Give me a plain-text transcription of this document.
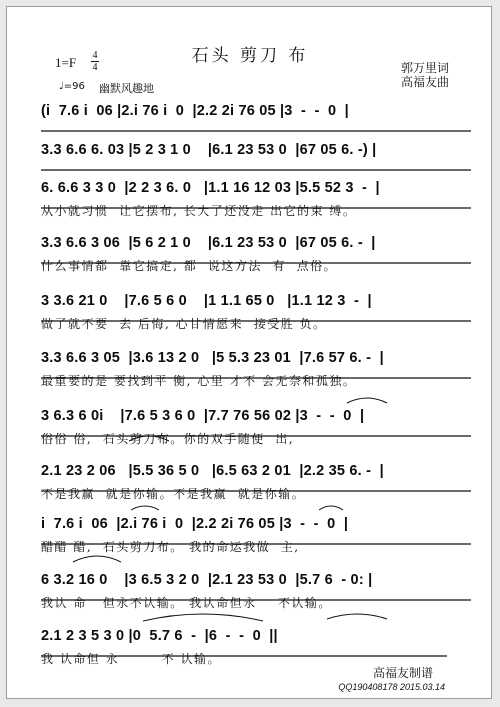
石头 剪刀 布
1=F 4
4
♩=96 幽默风趣地
郭万里词
高福友曲
(i  7.6 i  06 |2.i 76 i  0  |2.2 2i 76 05 |3  -  -  0  |
3.3 6.6 6. 03 |5 2 3 1 0    |6.1 23 53 0  |67 05 6. -) |
6. 6.6 3 3 0  |2 2 3 6. 0   |1.1 16 12 03 |5.5 52 3  -  |
从小就习惯  让它摆布, 长大了还没走 出它的束 缚。
3.3 6.6 3 06  |5 6 2 1 0    |6.1 23 53 0  |67 05 6. -  |
什么事情都  靠它搞定, 都  说这方法  有  点俗。
3 3.6 21 0    |7.6 5 6 0    |1 1.1 65 0   |1.1 12 3  -  |
做了就不要  去 后悔, 心甘情愿来  接受胜 负。
3.3 6.6 3 05  |3.6 13 2 0   |5 5.3 23 01  |7.6 57 6. -  |
最重要的是 要找到平 衡, 心里 才不 会无奈和孤独。
3 6.3 6 0i    |7.6 5 3 6 0  |7.7 76 56 02 |3  -  -  0  |
俗俗 俗,  石头剪刀布。你的双手随便  出,
2.1 23 2 06   |5.5 36 5 0   |6.5 63 2 01  |2.2 35 6. -  |
不是我赢  就是你输。不是我赢  就是你输。
i  7.6 i  06  |2.i 76 i  0  |2.2 2i 76 05 |3  -  -  0  |
醋醋 醋,  石头剪刀布。 我的命运我做  主,
6 3.2 16 0    |3 6.5 3 2 0  |2.1 23 53 0  |5.7 6  - 0: |
我认 命   但永不认输。 我认命但永    不认输。
2.1 2 3 5 3 0 |0  5.7 6  -  |6  -  -  0  ||
我 认命但 永        不 认输。
高福友制谱
QQ190408178 2015.03.14
